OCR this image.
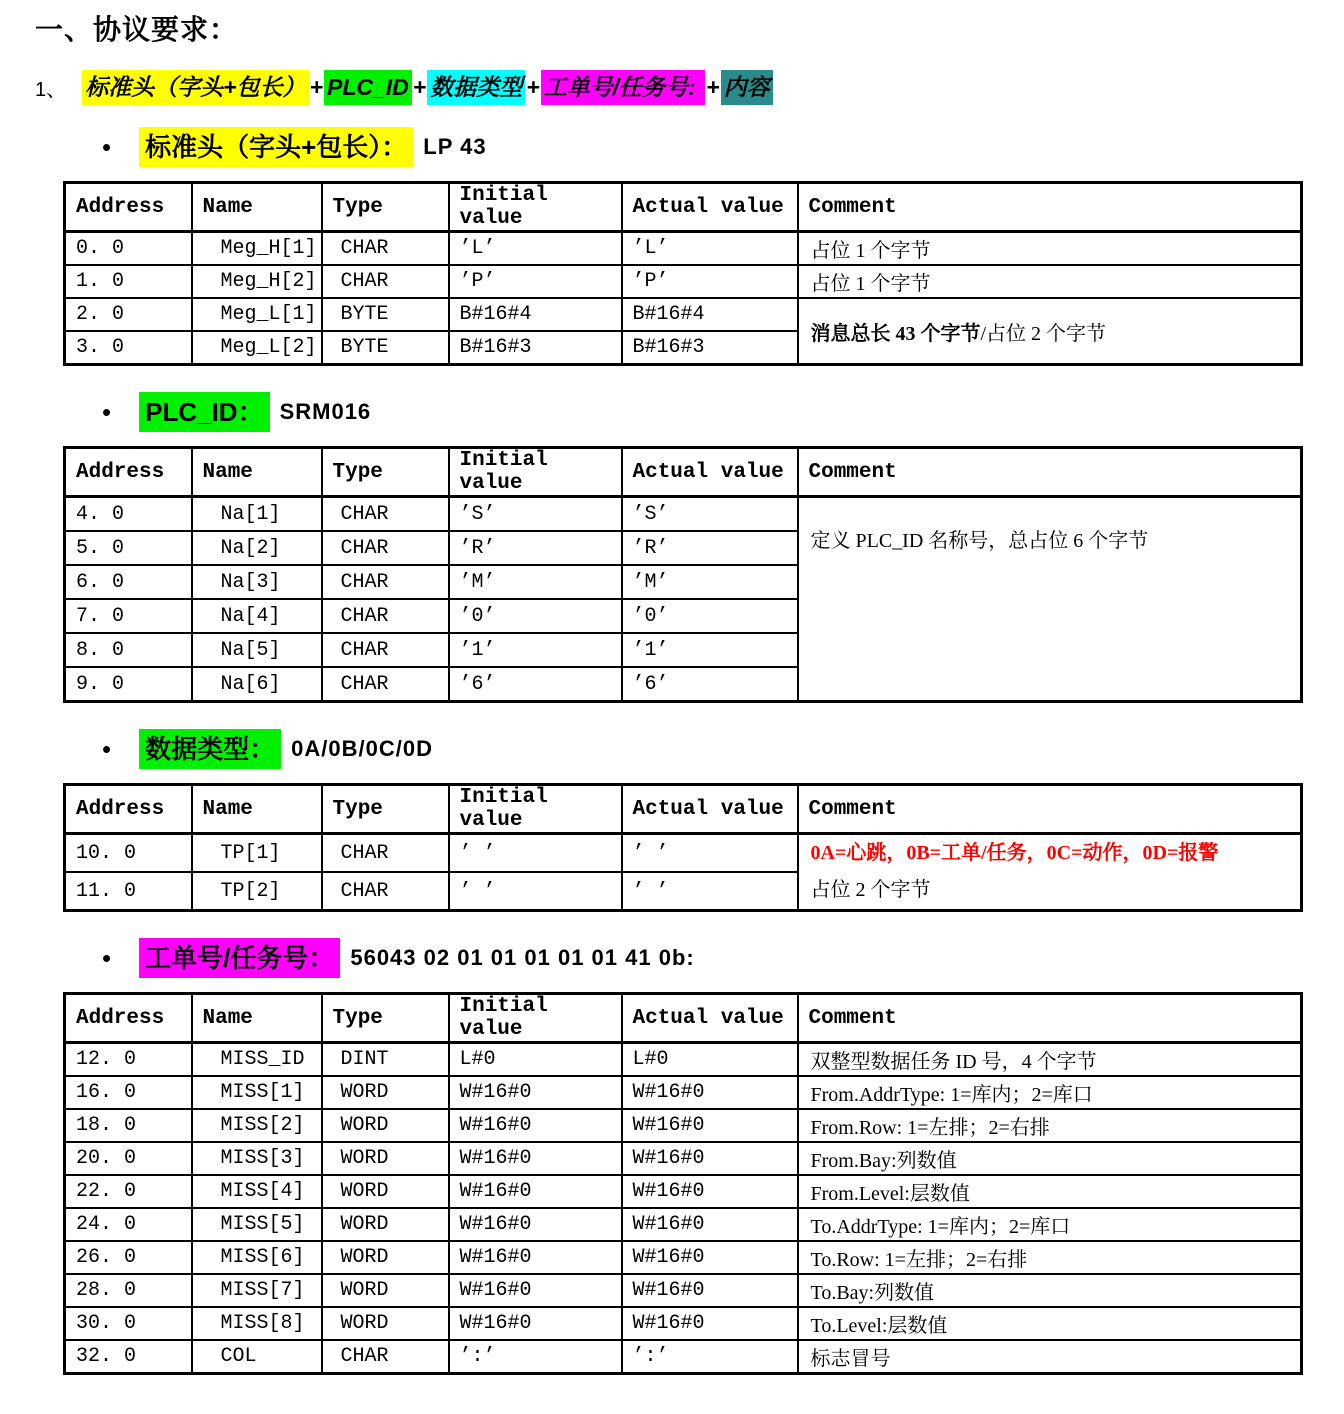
一、协议要求：
1、 标准头（字头+包长） + PLC_ID + 数据类型 + 工单号/任务号: + 内容
• 标准头（字头+包长）： LP 43
Address	Name	Type	Initial value	Actual value	Comment
0. 0	Meg_H[1]	CHAR	’L’	’L’	占位 1 个字节
1. 0	Meg_H[2]	CHAR	’P’	’P’	占位 1 个字节
2. 0	Meg_L[1]	BYTE	B#16#4	B#16#4	消息总长 43 个字节/占位 2 个字节

3. 0	Meg_L[2]	BYTE	B#16#3	B#16#3	
• PLC_ID： SRM016
Address	Name	Type	Initial value	Actual value	Comment
4. 0	Na[1]	CHAR	’S’	’S’	定义 PLC_ID 名称号，总占位 6 个字节
5. 0	Na[2]	CHAR	’R’	’R’	
6. 0	Na[3]	CHAR	’M’	’M’	
7. 0	Na[4]	CHAR	’0’	’0’	
8. 0	Na[5]	CHAR	’1’	’1’	
9. 0	Na[6]	CHAR	’6’	’6’	
• 数据类型： 0A/0B/0C/0D
Address	Name	Type	Initial value	Actual value	Comment
10. 0	TP[1]	CHAR	’ ’	’ ’	0A=心跳，0B=工单/任务，0C=动作，0D=报警
占位 2 个字节

11. 0	TP[2]	CHAR	’ ’	’ ’	
• 工单号/任务号： 56043 02 01 01 01 01 01 41 0b:
Address	Name	Type	Initial value	Actual value	Comment
12. 0	MISS_ID	DINT	L#0	L#0	双整型数据任务 ID 号，4 个字节
16. 0	MISS[1]	WORD	W#16#0	W#16#0	From.AddrType: 1=库内；2=库口
18. 0	MISS[2]	WORD	W#16#0	W#16#0	From.Row: 1=左排；2=右排
20. 0	MISS[3]	WORD	W#16#0	W#16#0	From.Bay:列数值
22. 0	MISS[4]	WORD	W#16#0	W#16#0	From.Level:层数值
24. 0	MISS[5]	WORD	W#16#0	W#16#0	To.AddrType: 1=库内；2=库口
26. 0	MISS[6]	WORD	W#16#0	W#16#0	To.Row: 1=左排；2=右排
28. 0	MISS[7]	WORD	W#16#0	W#16#0	To.Bay:列数值
30. 0	MISS[8]	WORD	W#16#0	W#16#0	To.Level:层数值
32. 0	COL	CHAR	’:’	’:’	标志冒号
